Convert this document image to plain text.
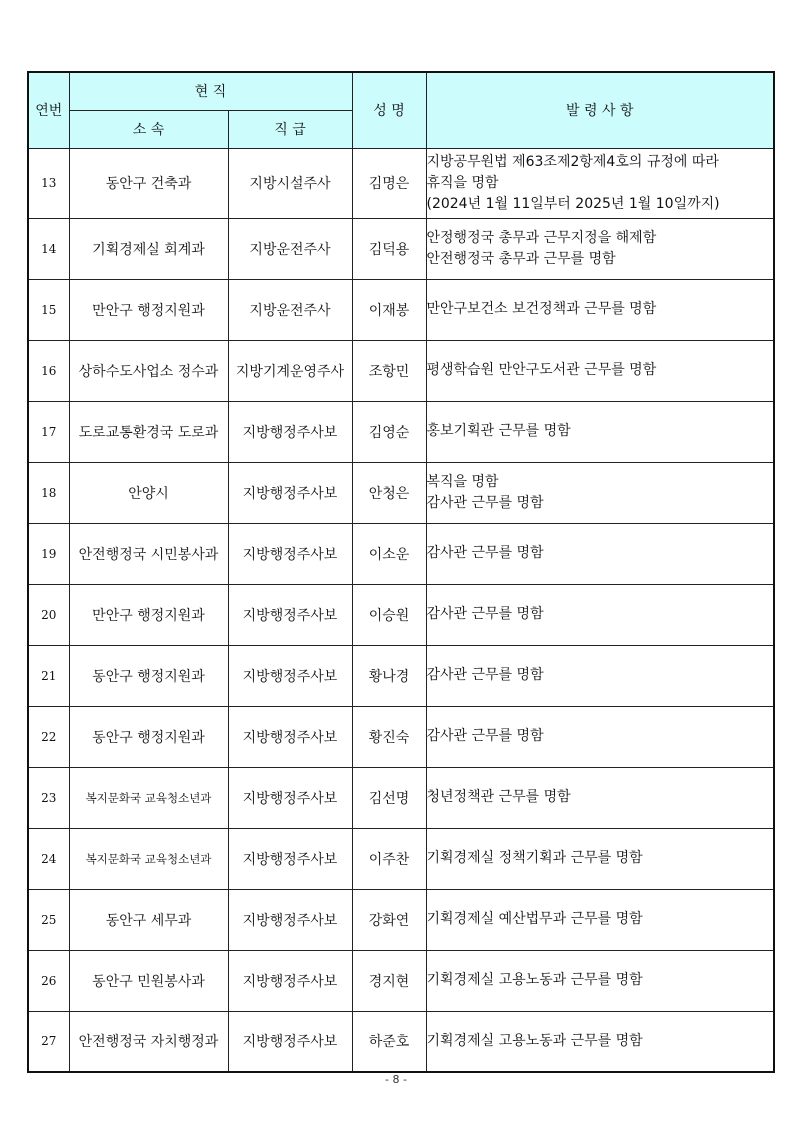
연번	현 직		성 명	발 령 사 항
	소 속	직 급		
13	동안구 건축과	지방시설주사	김명은	지방공무원법 제63조제2항제4호의 규정에 따라
휴직을 명함
(2024년 1월 11일부터 2025년 1월 10일까지)

14	기획경제실 회계과	지방운전주사	김덕용	안정행정국 총무과 근무지정을 해제함
안전행정국 총무과 근무를 명함

15	만안구 행정지원과	지방운전주사	이재봉	만안구보건소 보건정책과 근무를 명함

16	상하수도사업소 정수과	지방기계운영주사	조항민	평생학습원 만안구도서관 근무를 명함

17	도로교통환경국 도로과	지방행정주사보	김영순	홍보기획관 근무를 명함

18	안양시	지방행정주사보	안청은	복직을 명함
감사관 근무를 명함

19	안전행정국 시민봉사과	지방행정주사보	이소운	감사관 근무를 명함

20	만안구 행정지원과	지방행정주사보	이승원	감사관 근무를 명함

21	동안구 행정지원과	지방행정주사보	황나경	감사관 근무를 명함

22	동안구 행정지원과	지방행정주사보	황진숙	감사관 근무를 명함

23	복지문화국 교육청소년과	지방행정주사보	김선명	청년정책관 근무를 명함

24	복지문화국 교육청소년과	지방행정주사보	이주찬	기획경제실 정책기획과 근무를 명함

25	동안구 세무과	지방행정주사보	강화연	기획경제실 예산법무과 근무를 명함

26	동안구 민원봉사과	지방행정주사보	경지현	기획경제실 고용노동과 근무를 명함

27	안전행정국 자치행정과	지방행정주사보	하준호	기획경제실 고용노동과 근무를 명함
- 8 -
